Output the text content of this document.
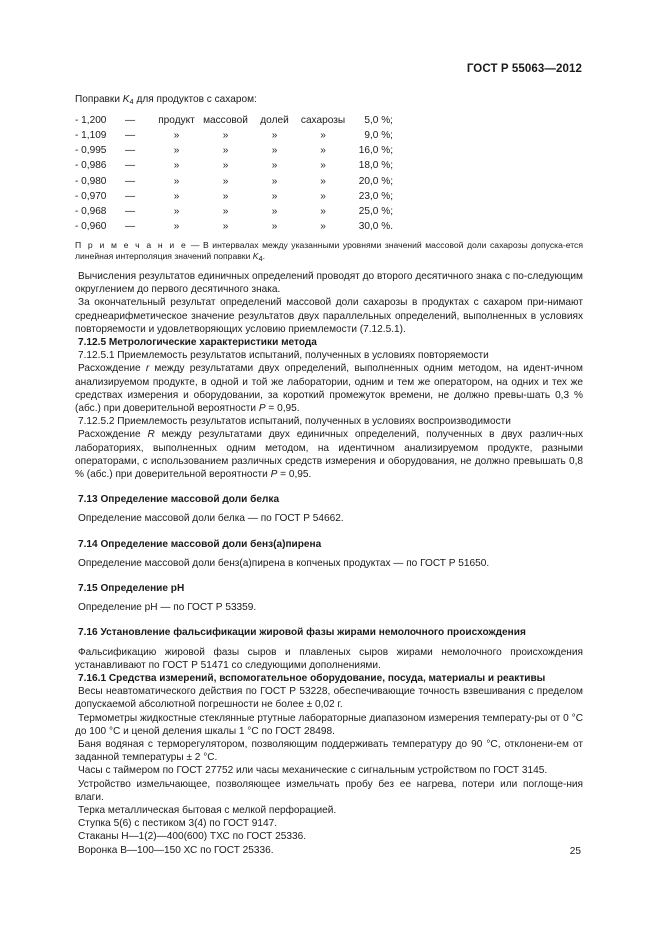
ГОСТ Р 55063—2012

Поправки $K_4$ для продуктов с сахаром:

- 1,200	—	продукт	массовой	долей	сахарозы	5,0 %;
- 1,109	—	»	»	»	»	9,0 %;
- 0,995	—	»	»	»	»	16,0 %;
- 0,986	—	»	»	»	»	18,0 %;
- 0,980	—	»	»	»	»	20,0 %;
- 0,970	—	»	»	»	»	23,0 %;
- 0,968	—	»	»	»	»	25,0 %;
- 0,960	—	»	»	»	»	30,0 %.

П р и м е ч а н и е — В интервалах между указанными уровнями значений массовой доли сахарозы допуска-ется линейная интерполяция значений поправки K4.

Вычисления результатов единичных определений проводят до второго десятичного знака с по-следующим округлением до первого десятичного знака.

За окончательный результат определений массовой доли сахарозы в продуктах с сахаром при-нимают среднеарифметическое значение результатов двух параллельных определений, выполненных в условиях повторяемости и удовлетворяющих условию приемлемости (7.12.5.1).

7.12.5 Метрологические характеристики метода

7.12.5.1 Приемлемость результатов испытаний, полученных в условиях повторяемости

Расхождение r между результатами двух определений, выполненных одним методом, на идент-ичном анализируемом продукте, в одной и той же лаборатории, одним и тем же оператором, на одних и тех же средствах измерения и оборудовании, за короткий промежуток времени, не должно превы-шать 0,3 % (абс.) при доверительной вероятности P = 0,95.

7.12.5.2 Приемлемость результатов испытаний, полученных в условиях воспроизводимости

Расхождение R между результатами двух единичных определений, полученных в двух различ-ных лабораториях, выполненных одним методом, на идентичном анализируемом продукте, разными операторами, с использованием различных средств измерения и оборудования, не должно превышать 0,8 % (абс.) при доверительной вероятности P = 0,95.

7.13 Определение массовой доли белка

Определение массовой доли белка — по ГОСТ Р 54662.

7.14 Определение массовой доли бенз(а)пирена

Определение массовой доли бенз(а)пирена в копченых продуктах — по ГОСТ Р 51650.

7.15 Определение рН

Определение рН — по ГОСТ Р 53359.

7.16 Установление фальсификации жировой фазы жирами немолочного происхождения

Фальсификацию жировой фазы сыров и плавленых сыров жирами немолочного происхождения устанавливают по ГОСТ Р 51471 со следующими дополнениями.

7.16.1 Средства измерений, вспомогательное оборудование, посуда, материалы и реактивы

Весы неавтоматического действия по ГОСТ Р 53228, обеспечивающие точность взвешивания с пределом допускаемой абсолютной погрешности не более ± 0,02 г.

Термометры жидкостные стеклянные ртутные лабораторные диапазоном измерения температу-ры от 0 °С до 100 °С и ценой деления шкалы 1 °С по ГОСТ 28498.

Баня водяная с терморегулятором, позволяющим поддерживать температуру до 90 °С, отклонени-ем от заданной температуры ± 2 °С.

Часы с таймером по ГОСТ 27752 или часы механические с сигнальным устройством по ГОСТ 3145.

Устройство измельчающее, позволяющее измельчать пробу без ее нагрева, потери или поглоще-ния влаги.

Терка металлическая бытовая с мелкой перфорацией.

Ступка 5(6) с пестиком 3(4) по ГОСТ 9147.

Стаканы Н—1(2)—400(600) ТХС по ГОСТ 25336.

Воронка В—100—150 ХС по ГОСТ 25336.	25
